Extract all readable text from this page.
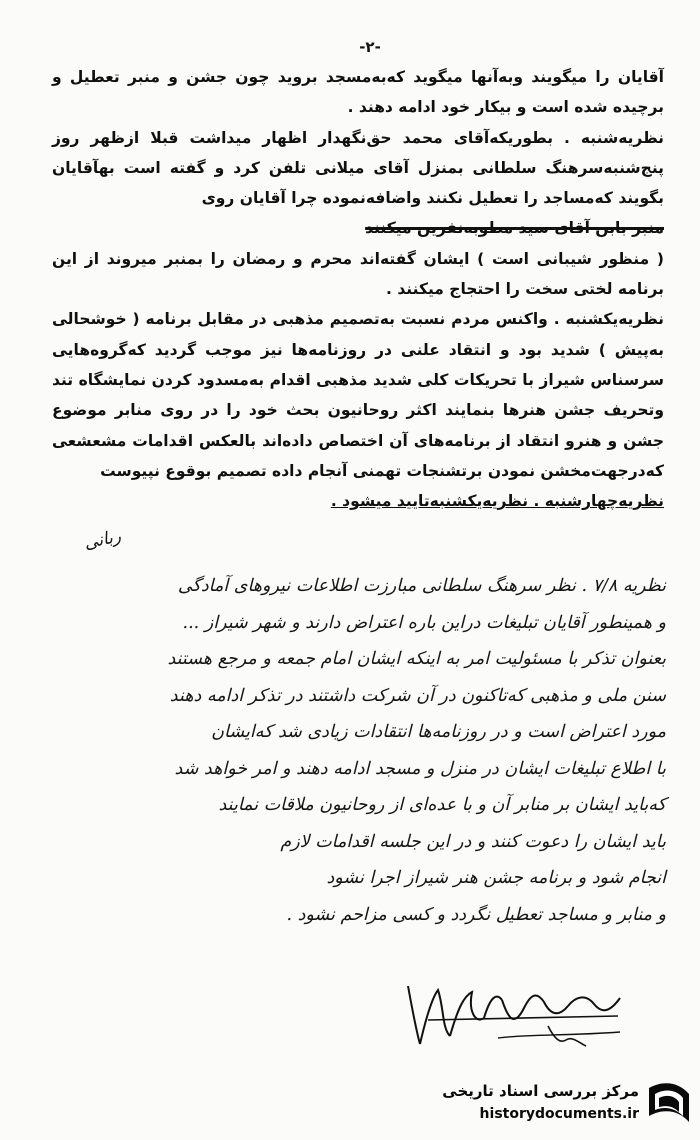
-۲-

آقایان را میگویند وبه‌آنها میگوید که‌به‌مسجد بروید چون جشن و منبر تعطیل و برچیده شده است و بیکار خود ادامه دهند .

نظریه‌شنبه . بطوریکه‌آقای محمد حق‌نگهدار اظهار میداشت قبلا ازظهر روز پنج‌شنبه‌سرهنگ سلطانی بمنزل آقای میلانی تلفن کرد و گفته است بهآقایان بگویند که‌مساجد را تعطیل نکنند واضافه‌نموده چرا آقایان روی

منبر بابن آقای سید مطوبه‌نفرین میکنند

( منظور شیبانی است ) ایشان گفته‌اند محرم و رمضان را بمنبر میروند از این برنامه لختی سخت را احتجاج میکنند .

نظریه‌یکشنبه . واکنس مردم نسبت به‌تصمیم مذهبی در مقابل برنامه ( خوشحالی به‌پیش ) شدید بود و انتقاد علنی در روزنامه‌ها نیز موجب گردید که‌گروه‌هایی سرسناس شیراز با تحریکات کلی شدید مذهبی اقدام به‌مسدود کردن نمایشگاه تند وتحریف جشن هنرها بنمایند اکثر روحانیون بحث خود را در روی منابر موضوع جشن و هنرو انتقاد از برنامه‌های آن اختصاص داده‌اند بالعکس اقدامات مشعشعی که‌درجهت‌مخشن نمودن برتشنجات تهمنی آنجام داده تصمیم بوقوع نپیوست

نظریه‌چهارشنبه . نظریه‌یکشنبه‌تایید میشود .

ربانی

نظریه ۷/۸ . نظر سرهنگ سلطانی مبارزت اطلاعات نیروهای آمادگی

و همینطور آقایان تبلیغات دراین باره اعتراض دارند و شهر شیراز ...

بعنوان تذکر با مسئولیت امر به اینکه ایشان امام جمعه و مرجع هستند

سنن ملی و مذهبی که‌تاکنون در آن شرکت داشتند در تذکر ادامه دهند

مورد اعتراض است و در روزنامه‌ها انتقادات زیادی شد که‌ایشان

با اطلاع تبلیغات ایشان در منزل و مسجد ادامه دهند و امر خواهد شد

که‌باید ایشان بر منابر آن و با عده‌ای از روحانیون ملاقات نمایند

باید ایشان را دعوت کنند و در این جلسه اقدامات لازم

انجام شود و برنامه جشن هنر شیراز اجرا نشود

و منابر و مساجد تعطیل نگردد و کسی مزاحم نشود .

مرکز بررسی اسناد تاریخی
historydocuments.ir
